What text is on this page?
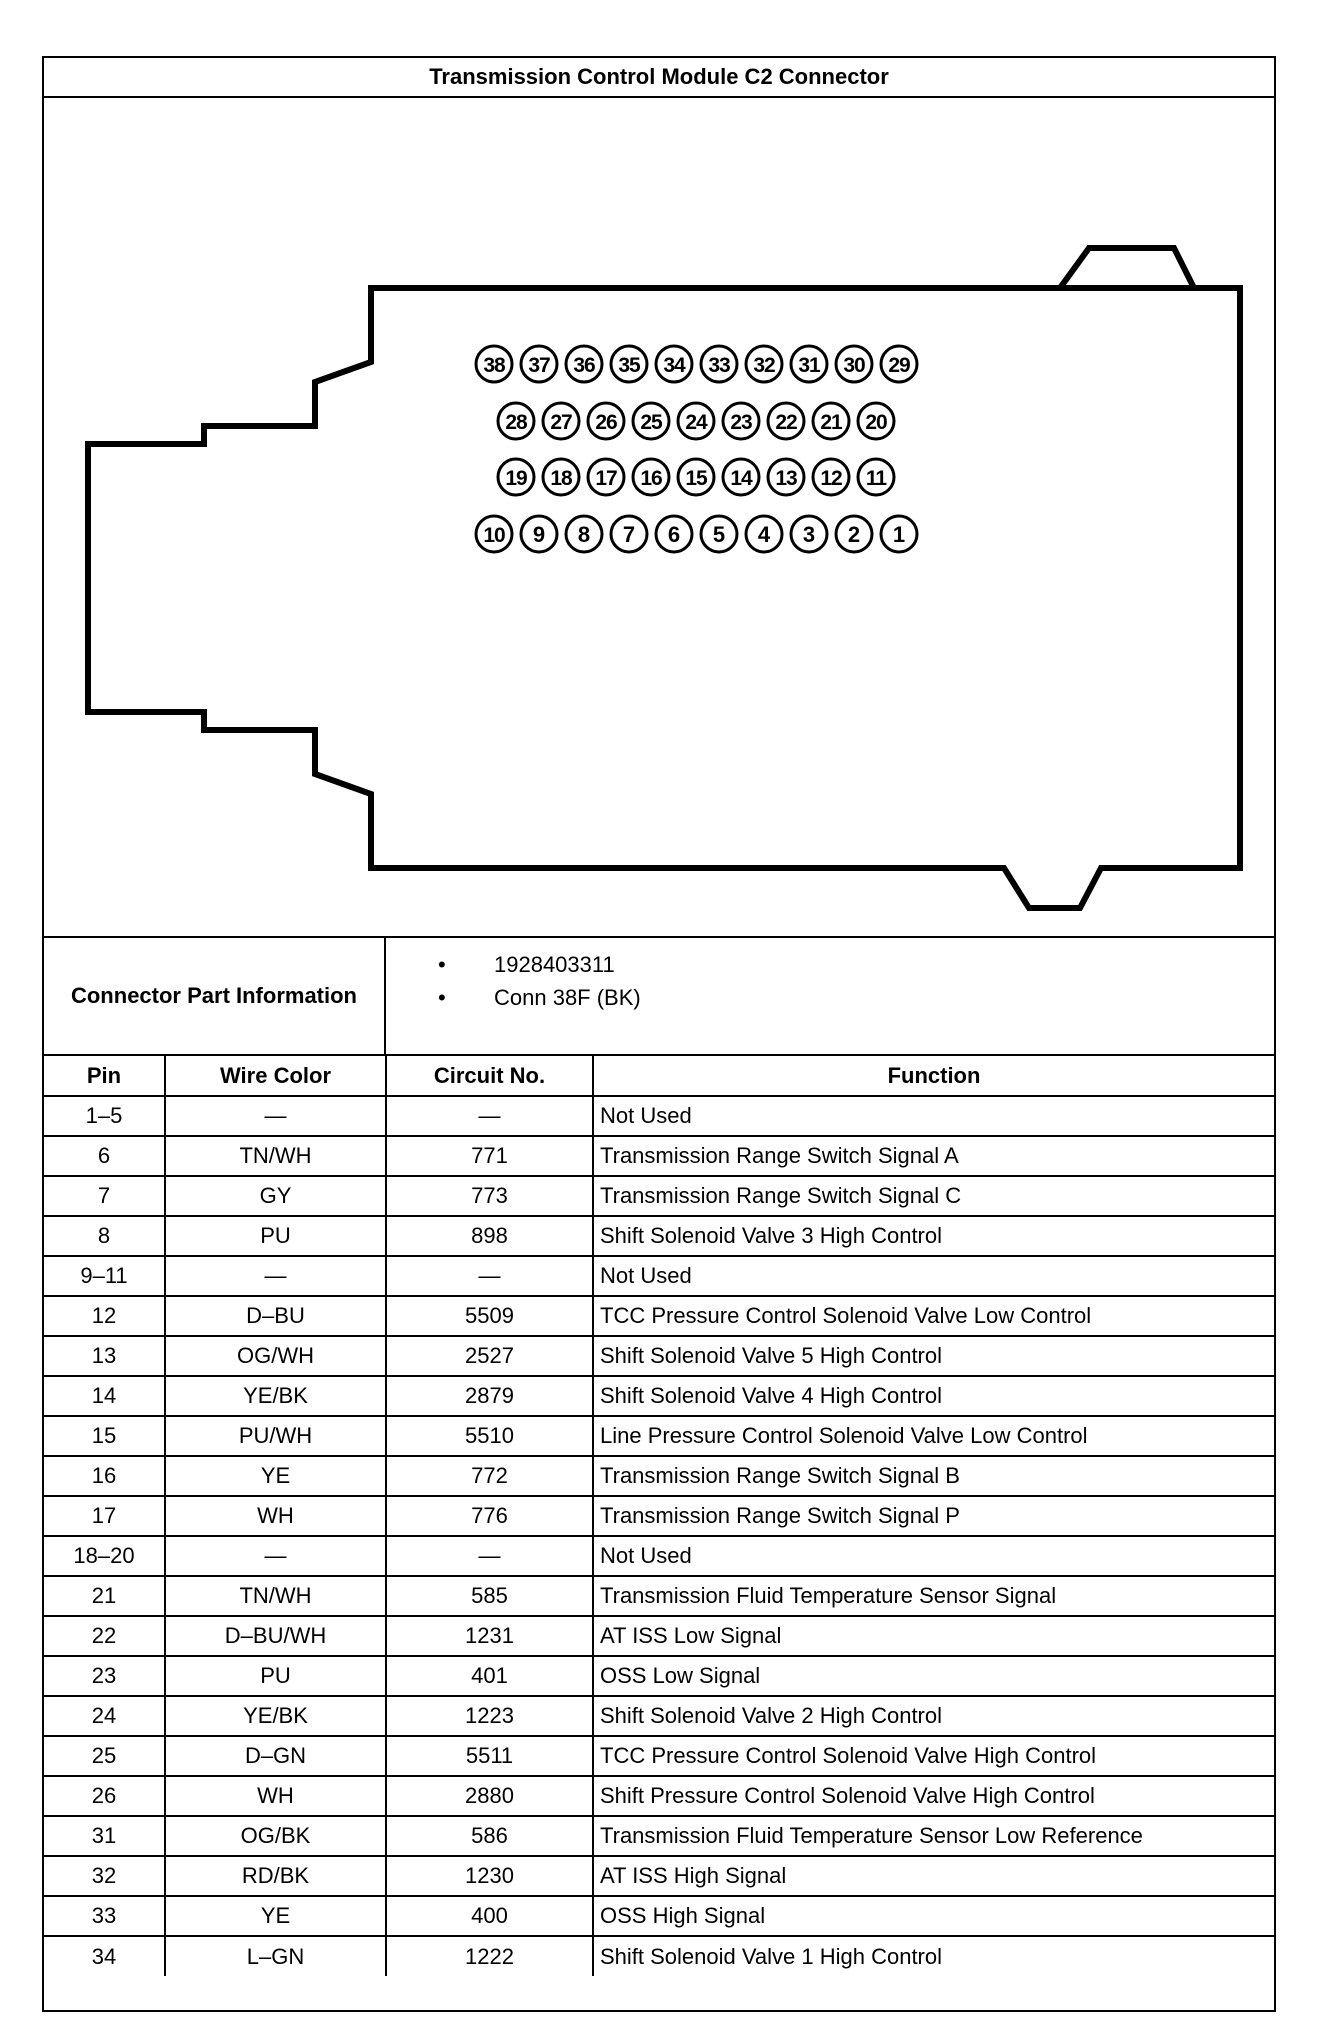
Transmission Control Module C2 Connector
38 37 36 35 34 33 32 31 30 29
28 27 26 25 24 23 22 21 20
19 18 17 16 15 14 13 12 11
10 9 8 7 6 5 4 3 2 1
Connector Part Information
• 1928403311
• Conn 38F (BK)
Pin	Wire Color	Circuit No.	Function
1–5	—	—	Not Used
6	TN/WH	771	Transmission Range Switch Signal A
7	GY	773	Transmission Range Switch Signal C
8	PU	898	Shift Solenoid Valve 3 High Control
9–11	—	—	Not Used
12	D–BU	5509	TCC Pressure Control Solenoid Valve Low Control
13	OG/WH	2527	Shift Solenoid Valve 5 High Control
14	YE/BK	2879	Shift Solenoid Valve 4 High Control
15	PU/WH	5510	Line Pressure Control Solenoid Valve Low Control
16	YE	772	Transmission Range Switch Signal B
17	WH	776	Transmission Range Switch Signal P
18–20	—	—	Not Used
21	TN/WH	585	Transmission Fluid Temperature Sensor Signal
22	D–BU/WH	1231	AT ISS Low Signal
23	PU	401	OSS Low Signal
24	YE/BK	1223	Shift Solenoid Valve 2 High Control
25	D–GN	5511	TCC Pressure Control Solenoid Valve High Control
26	WH	2880	Shift Pressure Control Solenoid Valve High Control
31	OG/BK	586	Transmission Fluid Temperature Sensor Low Reference
32	RD/BK	1230	AT ISS High Signal
33	YE	400	OSS High Signal
34	L–GN	1222	Shift Solenoid Valve 1 High Control
